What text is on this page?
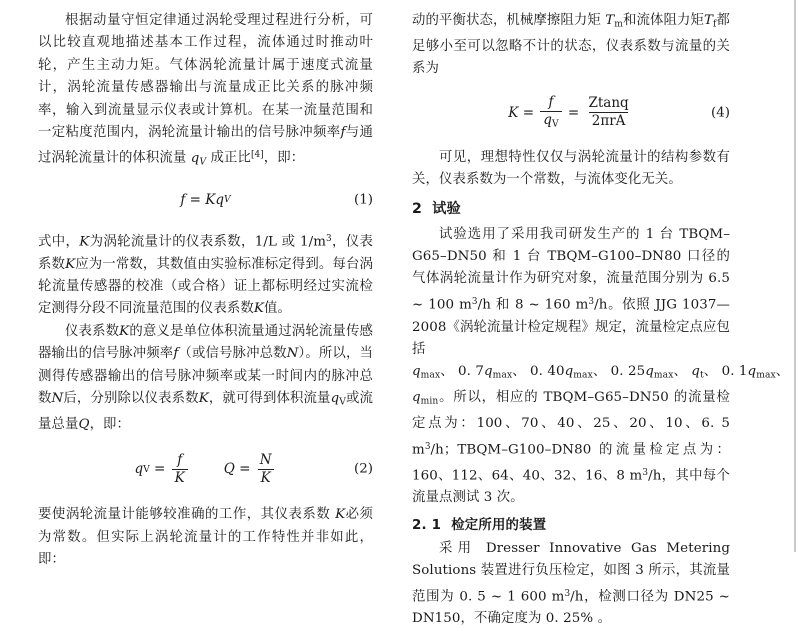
根据动量守恒定律通过涡轮受理过程进行分析，可以比较直观地描述基本工作过程，流体通过时推动叶轮，产生主动力矩。气体涡轮流量计属于速度式流量计，涡轮流量传感器输出与流量成正比关系的脉冲频率，输入到流量显示仪表或计算机。在某一流量范围和一定粘度范围内，涡轮流量计输出的信号脉冲频率f与通过涡轮流量计的体积流量 $q_V$ 成正比[4]，即：

f
=
K q V	(1)

式中，K为涡轮流量计的仪表系数，1/L 或 $1/m^3$，仪表系数K应为一常数，其数值由实验标准标定得到。每台涡轮流量传感器的校准（或合格）证上都标明经过实流检定测得分段不同流量范围的仪表系数K值。

仪表系数K的意义是单位体积流量通过涡轮流量传感器输出的信号脉冲频率f（或信号脉冲总数N）。所以，当测得传感器输出的信号脉冲频率或某一时间内的脉冲总数N后，分别除以仪表系数K，就可得到体积流量qV或流量总量Q，即：

q V
=
$\frac{f}{K}$	Q
=
$\frac{N}{K}$	(2)

要使涡轮流量计能够较准确的工作，其仪表系数 K必须为常数。但实际上涡轮流量计的工作特性并非如此，即：

动的平衡状态，机械摩擦阻力矩 Tm和流体阻力矩Tf都足够小至可以忽略不计的状态，仪表系数与流量的关系为

K
=
$\frac{f}{qV}$
=
$\frac{Ztanq}{\text{2πrA}}$	(4)

可见，理想特性仅仅与涡轮流量计的结构参数有关，仪表系数为一个常数，与流体变化无关。

2 试验

试验选用了采用我司研发生产的 1 台 TBQM–G65–DN50 和 1 台 TBQM–G100–DN80 口径的气体涡轮流量计作为研究对象，流量范围分别为 6.5 ~ 100 $m^3/h$ 和 8 ~ 160 $m^3/h$。依照 JJG 1037—2008《涡轮流量计检定规程》规定，流量检定点应包括

qmax、 0. 7qmax、 0. 40qmax、 0. 25qmax、 qt、 0. 1qmax、qmin。所以，相应的 TBQM–G65–DN50 的流量检定点为：100、70、40、25、20、10、6. 5 $m^3/h$；TBQM–G100–DN80 的流量检定点为：160、112、64、40、32、16、8 $m^3/h$，其中每个流量点测试 3 次。

2. 1 检定所用的装置

采用 Dresser Innovative Gas Metering Solutions 装置进行负压检定，如图 3 所示，其流量范围为 0. 5 ~ 1 600 $m^3/h$，检测口径为 DN25 ~ DN150，不确定度为 0. 25% 。
